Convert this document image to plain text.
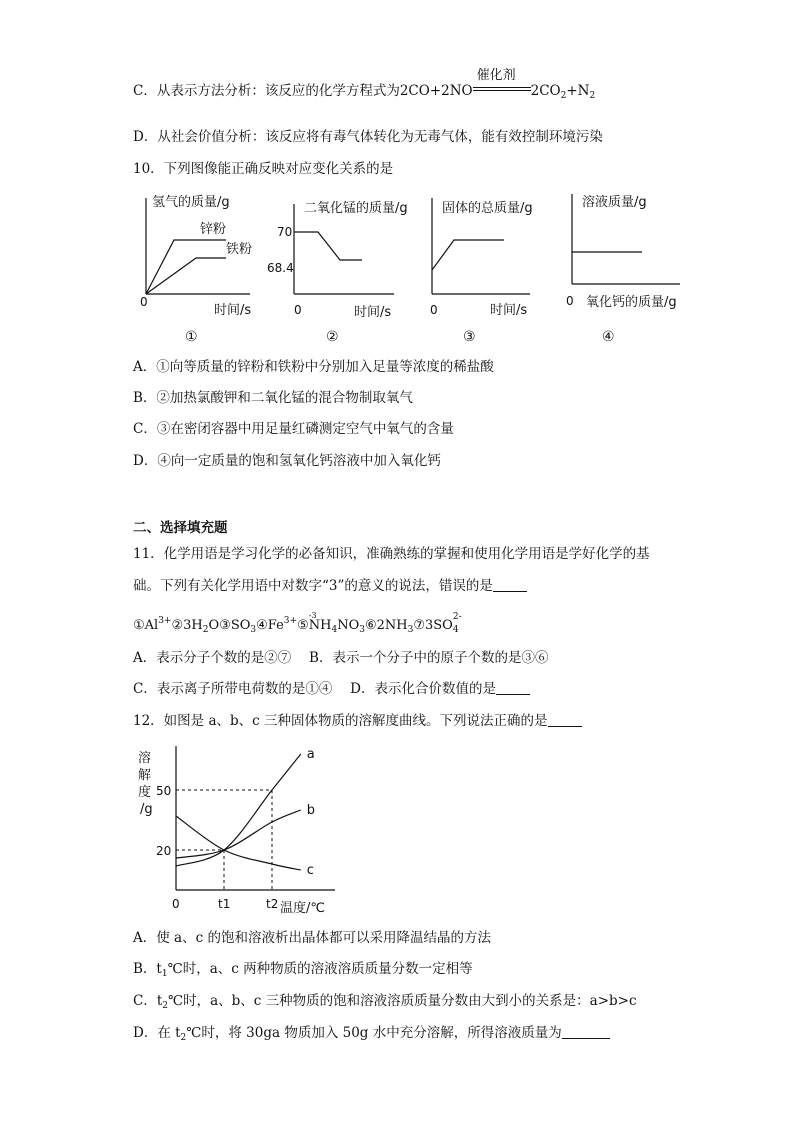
C．从表示方法分析：该反应的化学方程式为2CO+2NO
催化剂
$2CO_2+N_2$
D．从社会价值分析：该反应将有毒气体转化为无毒气体，能有效控制环境污染
10．下列图像能正确反映对应变化关系的是
氢气的质量/g
锌粉
铁粉
0
时间/s
①
二氧化锰的质量/g
70
68.4
0	时间/s
②
固体的总质量/g
0	时间/s
③
溶液质量/g
0 氧化钙的质量/g
④
A．①向等质量的锌粉和铁粉中分别加入足量等浓度的稀盐酸
B．②加热氯酸钾和二氧化锰的混合物制取氧气
C．③在密闭容器中用足量红磷测定空气中氧气的含量
D．④向一定质量的饱和氢氧化钙溶液中加入氧化钙
二、选择填充题
11．化学用语是学习化学的必备知识，准确熟练的掌握和使用化学用语是学好化学的基
础。下列有关化学用语中对数字“3”的意义的说法，错误的是
$①Al^{3+}②3H_2O③SO_3④Fe^{3+}⑤$
-3
$NH_4NO_3⑥2NH_3⑦3SO$
2-
$_4$
A．表示分子个数的是②⑦　 B．表示一个分子中的原子个数的是③⑥
C．表示离子所带电荷数的是①④　 D．表示化合价数值的是
12．如图是 a、b、c 三种固体物质的溶解度曲线。下列说法正确的是
溶
解
度
/g
温度/℃
20
50
0	t1	t2
a
b
c
A．使 a、c 的饱和溶液析出晶体都可以采用降温结晶的方法
B．$t_1℃$时，a、c 两种物质的溶液溶质质量分数一定相等
C．$t_2℃$时，a、b、c 三种物质的饱和溶液溶质质量分数由大到小的关系是：a>b>c
D．在 $t_2℃$时，将 30ga 物质加入 50g 水中充分溶解，所得溶液质量为
